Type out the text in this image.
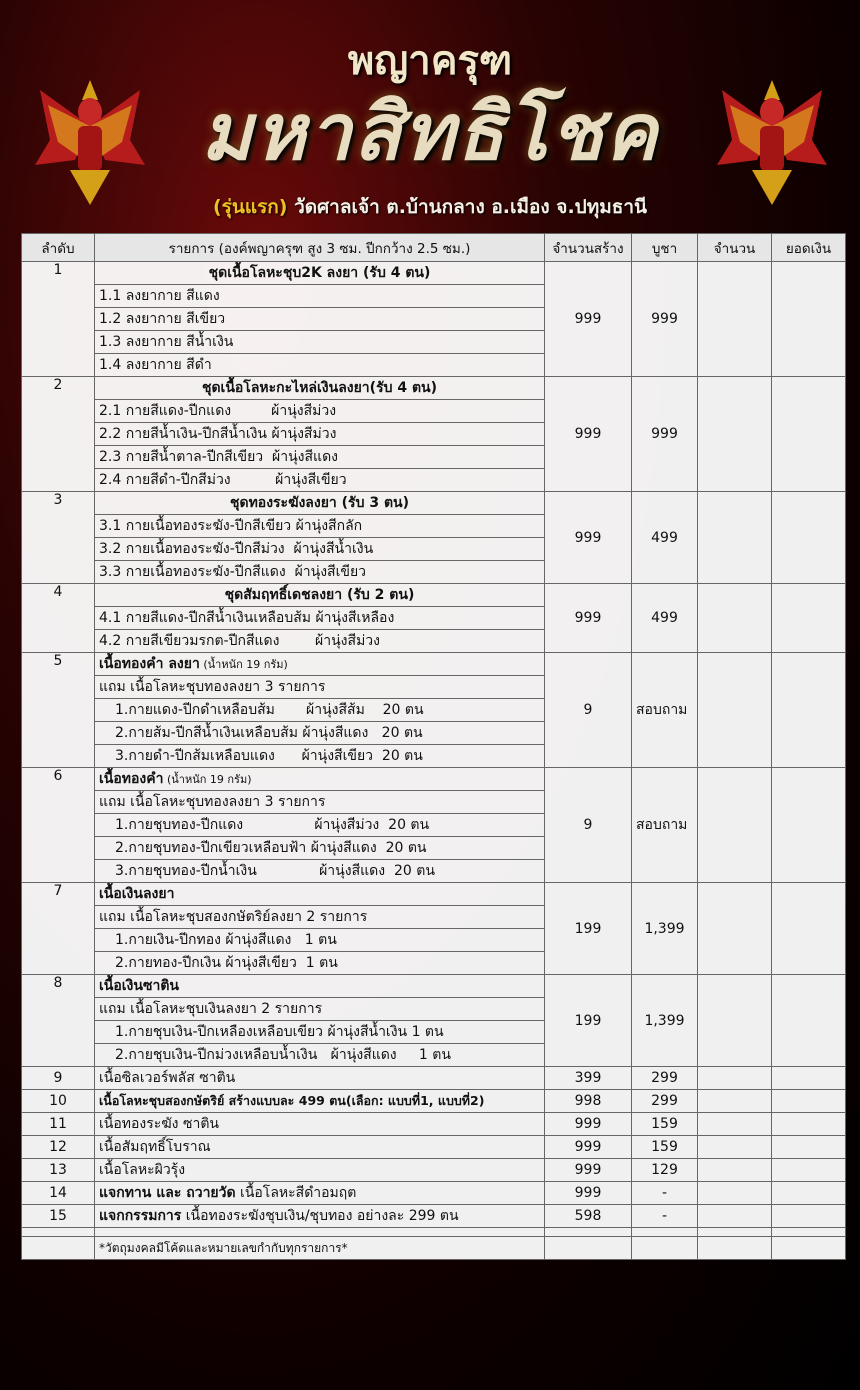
พญาครุฑ
มหาสิทธิโชค
(รุ่นแรก) วัดศาลเจ้า ต.บ้านกลาง อ.เมือง จ.ปทุมธานี
ลำดับ	รายการ (องค์พญาครุฑ สูง 3 ซม. ปีกกว้าง 2.5 ซม.)	จำนวนสร้าง	บูชา	จำนวน	ยอดเงิน
1	ชุดเนื้อโลหะชุบ2K ลงยา (รับ 4 ตน)	999	999		
	1.1 ลงยากาย สีแดง				
	1.2 ลงยากาย สีเขียว				
	1.3 ลงยากาย สีน้ำเงิน				
	1.4 ลงยากาย สีดำ				
2	ชุดเนื้อโลหะกะไหล่เงินลงยา(รับ 4 ตน)	999	999		
	2.1 กายสีแดง-ปีกแดง         ผ้านุ่งสีม่วง				
	2.2 กายสีน้ำเงิน-ปีกสีน้ำเงิน ผ้านุ่งสีม่วง				
	2.3 กายสีน้ำตาล-ปีกสีเขียว  ผ้านุ่งสีแดง				
	2.4 กายสีดำ-ปีกสีม่วง          ผ้านุ่งสีเขียว				
3	ชุดทองระฆังลงยา (รับ 3 ตน)	999	499		
	3.1 กายเนื้อทองระฆัง-ปีกสีเขียว ผ้านุ่งสีกลัก				
	3.2 กายเนื้อทองระฆัง-ปีกสีม่วง  ผ้านุ่งสีน้ำเงิน				
	3.3 กายเนื้อทองระฆัง-ปีกสีแดง  ผ้านุ่งสีเขียว				
4	ชุดสัมฤทธิ์เดชลงยา (รับ 2 ตน)	999	499		
	4.1 กายสีแดง-ปีกสีน้ำเงินเหลือบส้ม ผ้านุ่งสีเหลือง				
	4.2 กายสีเขียวมรกต-ปีกสีแดง        ผ้านุ่งสีม่วง				
5	เนื้อทองคำ ลงยา (น้ำหนัก 19 กรัม)	9	สอบถาม		
	แถม เนื้อโลหะชุบทองลงยา 3 รายการ				
	1.กายแดง-ปีกดำเหลือบส้ม       ผ้านุ่งสีส้ม    20 ตน				
	2.กายส้ม-ปีกสีน้ำเงินเหลือบส้ม ผ้านุ่งสีแดง   20 ตน				
	3.กายดำ-ปีกส้มเหลือบแดง      ผ้านุ่งสีเขียว  20 ตน				
6	เนื้อทองคำ (น้ำหนัก 19 กรัม)	9	สอบถาม		
	แถม เนื้อโลหะชุบทองลงยา 3 รายการ				
	1.กายชุบทอง-ปีกแดง                ผ้านุ่งสีม่วง  20 ตน				
	2.กายชุบทอง-ปีกเขียวเหลือบฟ้า ผ้านุ่งสีแดง  20 ตน				
	3.กายชุบทอง-ปีกน้ำเงิน              ผ้านุ่งสีแดง  20 ตน				
7	เนื้อเงินลงยา	199	1,399		
	แถม เนื้อโลหะชุบสองกษัตริย์ลงยา 2 รายการ				
	1.กายเงิน-ปีกทอง ผ้านุ่งสีแดง   1 ตน				
	2.กายทอง-ปีกเงิน ผ้านุ่งสีเขียว  1 ตน				
8	เนื้อเงินซาติน	199	1,399		
	แถม เนื้อโลหะชุบเงินลงยา 2 รายการ				
	1.กายชุบเงิน-ปีกเหลืองเหลือบเขียว ผ้านุ่งสีน้ำเงิน 1 ตน				
	2.กายชุบเงิน-ปีกม่วงเหลือบน้ำเงิน   ผ้านุ่งสีแดง     1 ตน				
9	เนื้อซิลเวอร์พลัส ซาติน	399	299		
10	เนื้อโลหะชุบสองกษัตริย์ สร้างแบบละ 499 ตน(เลือก: แบบที่1, แบบที่2)	998	299		
11	เนื้อทองระฆัง ซาติน	999	159		
12	เนื้อสัมฤทธิ์โบราณ	999	159		
13	เนื้อโลหะผิวรุ้ง	999	129		
14	แจกทาน และ ถวายวัด เนื้อโลหะสีดำอมฤต	999	-		
15	แจกกรรมการ เนื้อทองระฆังชุบเงิน/ชุบทอง อย่างละ 299 ตน	598	-		

	*วัตถุมงคลมีโค้ดและหมายเลขกำกับทุกรายการ*				
